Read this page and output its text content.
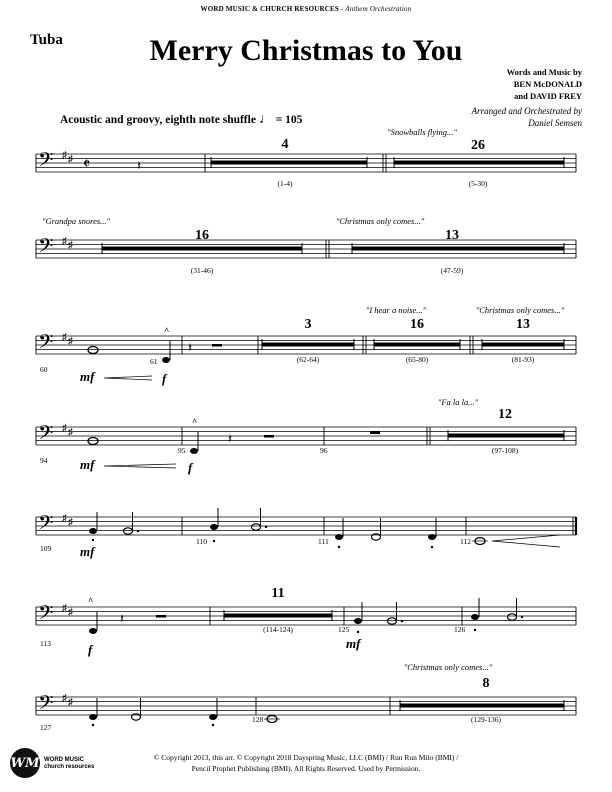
WORD MUSIC & CHURCH RESOURCES - Anthem Orchestration
Tuba	Merry Christmas to You
Words and Music by
BEN McDONALD
and DAVID FREY
Arranged and Orchestrated by
Daniel Semsen
Acoustic and groovy, eighth note shuffle ♩ = 105
𝄢 ♯ ♯ 𝄵	𝄽
4
(1-4)
"Snowballs flying..."
26
(5-30)
𝄢 ♯ ♯
"Grandpa snores..."
16
(31-46)
"Christmas only comes..."
13
(47-59)
𝄢 ♯ ♯
60	mf
61
^
f
𝄽
3
(62-64)
"I hear a noise..."
16
(65-80)
"Christmas only comes..."
13
(81-93)
𝄢 ♯ ♯
94	mf
95
^
f
𝄽
96
"Fa la la..."
12
(97-108)
𝄢 ♯ ♯
109 mf
110	111	112
𝄢 ♯ ♯
^
113	f
𝄽
11
(114-124)	125
mf
126
𝄢 ♯ ♯
127
128
"Christmas only comes..."
8
(129-136)
WM WORD MUSIC
church resources
© Copyright 2013, this arr. © Copyright 2018 Dayspring Music, LLC (BMI) / Run Run Milo (BMI) /
Pencil Prophet Publishing (BMI). All Rights Reserved. Used by Permission.
